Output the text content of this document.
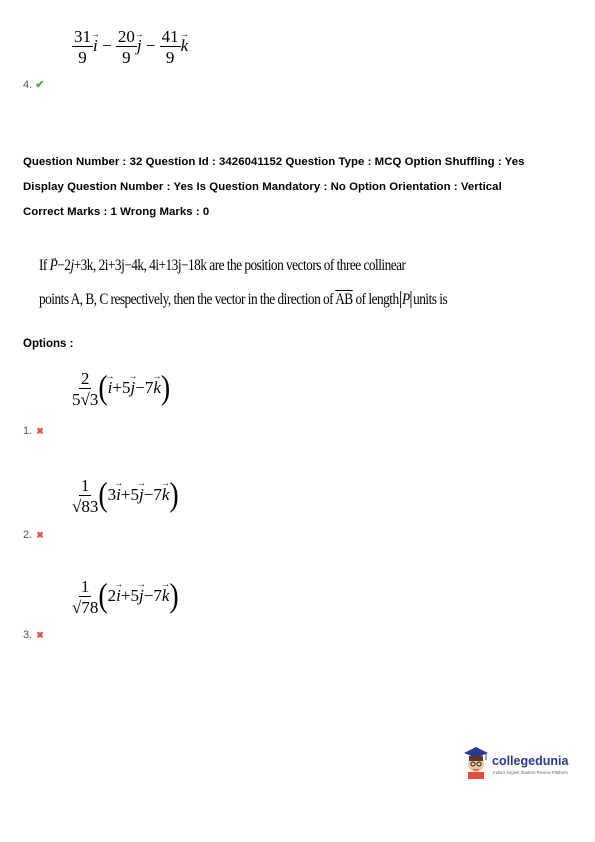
$\frac{31}{9} \to i - \frac{20}{9} \to j - \frac{41}{9} \to k$
4. ✔
Question Number : 32 Question Id : 3426041152 Question Type : MCQ Option Shuffling : Yes
Display Question Number : Yes Is Question Mandatory : No Option Orientation : Vertical
Correct Marks : 1 Wrong Marks : 0
If → P−2j+3k, 2i+3j−4k, 4i+13j−18k are the position vectors of three collinear
points A, B, C respectively, then the vector in the direction of $\overline{AB}$ of length P units is
Options :
$\frac{2}{5√3}$ (→ i+5→ j−7→ k)
1. ✖
$\frac{1}{√83} (3\to i+5\to j-7\to k)$
2. ✖
$\frac{1}{√78} (2\to i+5\to j-7\to k)$
3. ✖
collegedunia
India's largest Student Review Platform
